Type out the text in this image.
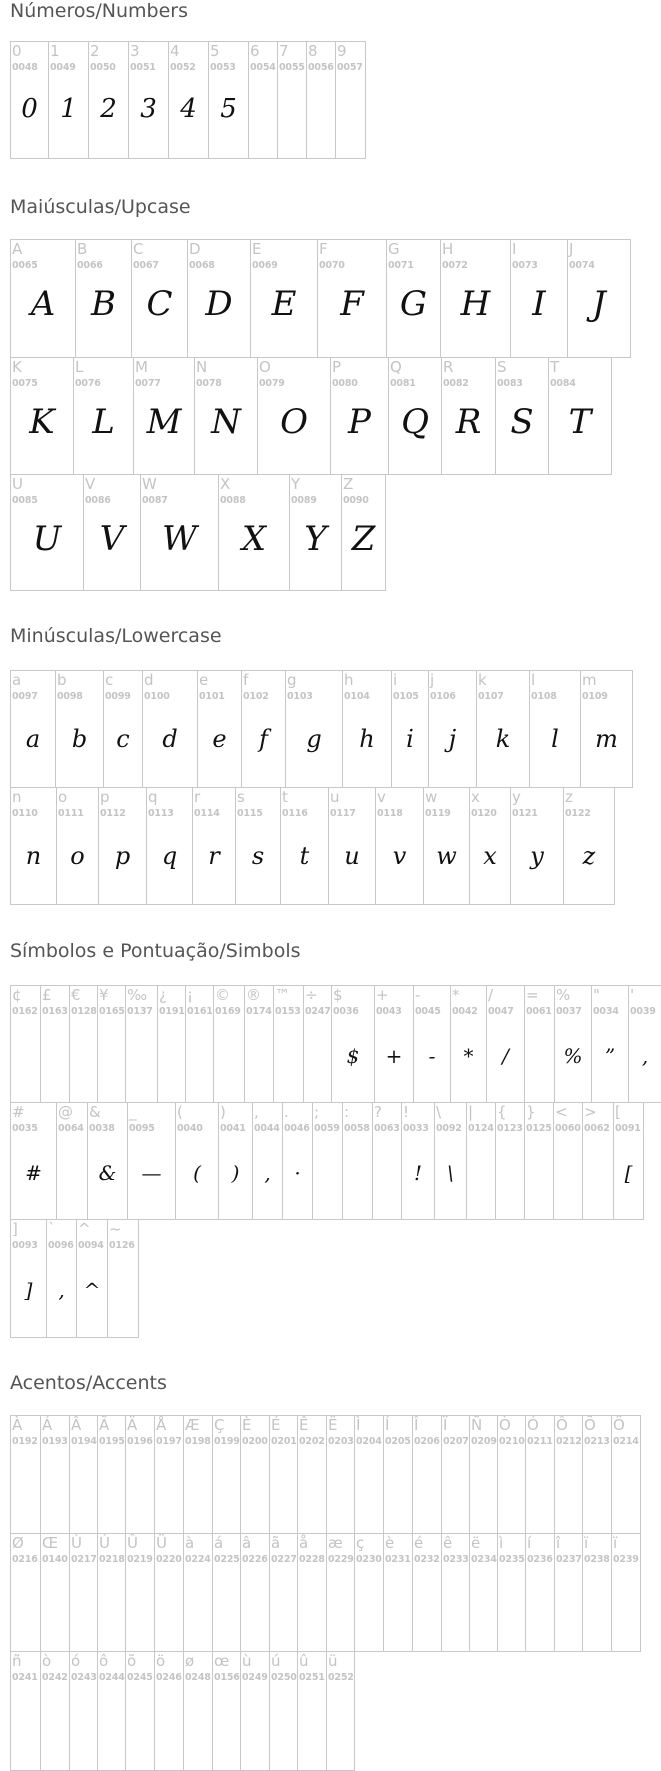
Números/Numbers
0
0048
0
1
0049
1
2
0050
2
3
0051
3
4
0052
4
5
0053
5
6
0054
7
0055
8
0056
9
0057
Maiúsculas/Upcase
A
0065
A
B
0066
B
C
0067
C
D
0068
D
E
0069
E
F
0070
F
G
0071
G
H
0072
H
I
0073
I
J
0074
J
K
0075
K
L
0076
L
M
0077
M
N
0078
N
O
0079
O
P
0080
P
Q
0081
Q
R
0082
R
S
0083
S
T
0084
T
U
0085
U
V
0086
V
W
0087
W
X
0088
X
Y
0089
Y
Z
0090
Z
Minúsculas/Lowercase
a
0097
a
b
0098
b
c
0099
c
d
0100
d
e
0101
e
f
0102
f
g
0103
g
h
0104
h
i
0105
i
j
0106
j
k
0107
k
l
0108
l
m
0109
m
n
0110
n
o
0111
o
p
0112
p
q
0113
q
r
0114
r
s
0115
s
t
0116
t
u
0117
u
v
0118
v
w
0119
w
x
0120
x
y
0121
y
z
0122
z
Símbolos e Pontuação/Simbols
¢
0162
£
0163
€
0128
¥
0165
‰
0137
¿
0191
¡
0161
©
0169
®
0174
™
0153
÷
0247
$
0036
$
+
0043
+
-
0045
-
*
0042
*
/
0047
/
=
0061
%
0037
%
"
0034
”
'
0039
,
#
0035
#
@
0064
&
0038
&
_
0095
—
(
0040
(
)
0041
)
,
0044
,
.
0046
·
;
0059
:
0058
?
0063
!
0033
!
\
0092
\
|
0124
{
0123
}
0125
<
0060
>
0062
[
0091
[
]
0093
]
`
0096
,
^
0094
^
~
0126
Acentos/Accents
À
0192
Á
0193
Â
0194
Ã
0195
Ä
0196
Å
0197
Æ
0198
Ç
0199
È
0200
É
0201
Ê
0202
Ë
0203
Ì
0204
Í
0205
Î
0206
Ï
0207
Ñ
0209
Ò
0210
Ó
0211
Ô
0212
Õ
0213
Ö
0214
Ø
0216
Œ
0140
Ù
0217
Ú
0218
Û
0219
Ü
0220
à
0224
á
0225
â
0226
ã
0227
å
0228
æ
0229
ç
0230
è
0231
é
0232
ê
0233
ë
0234
ì
0235
í
0236
î
0237
ï
0238
ï
0239
ñ
0241
ò
0242
ó
0243
ô
0244
õ
0245
ö
0246
ø
0248
œ
0156
ù
0249
ú
0250
û
0251
ü
0252
